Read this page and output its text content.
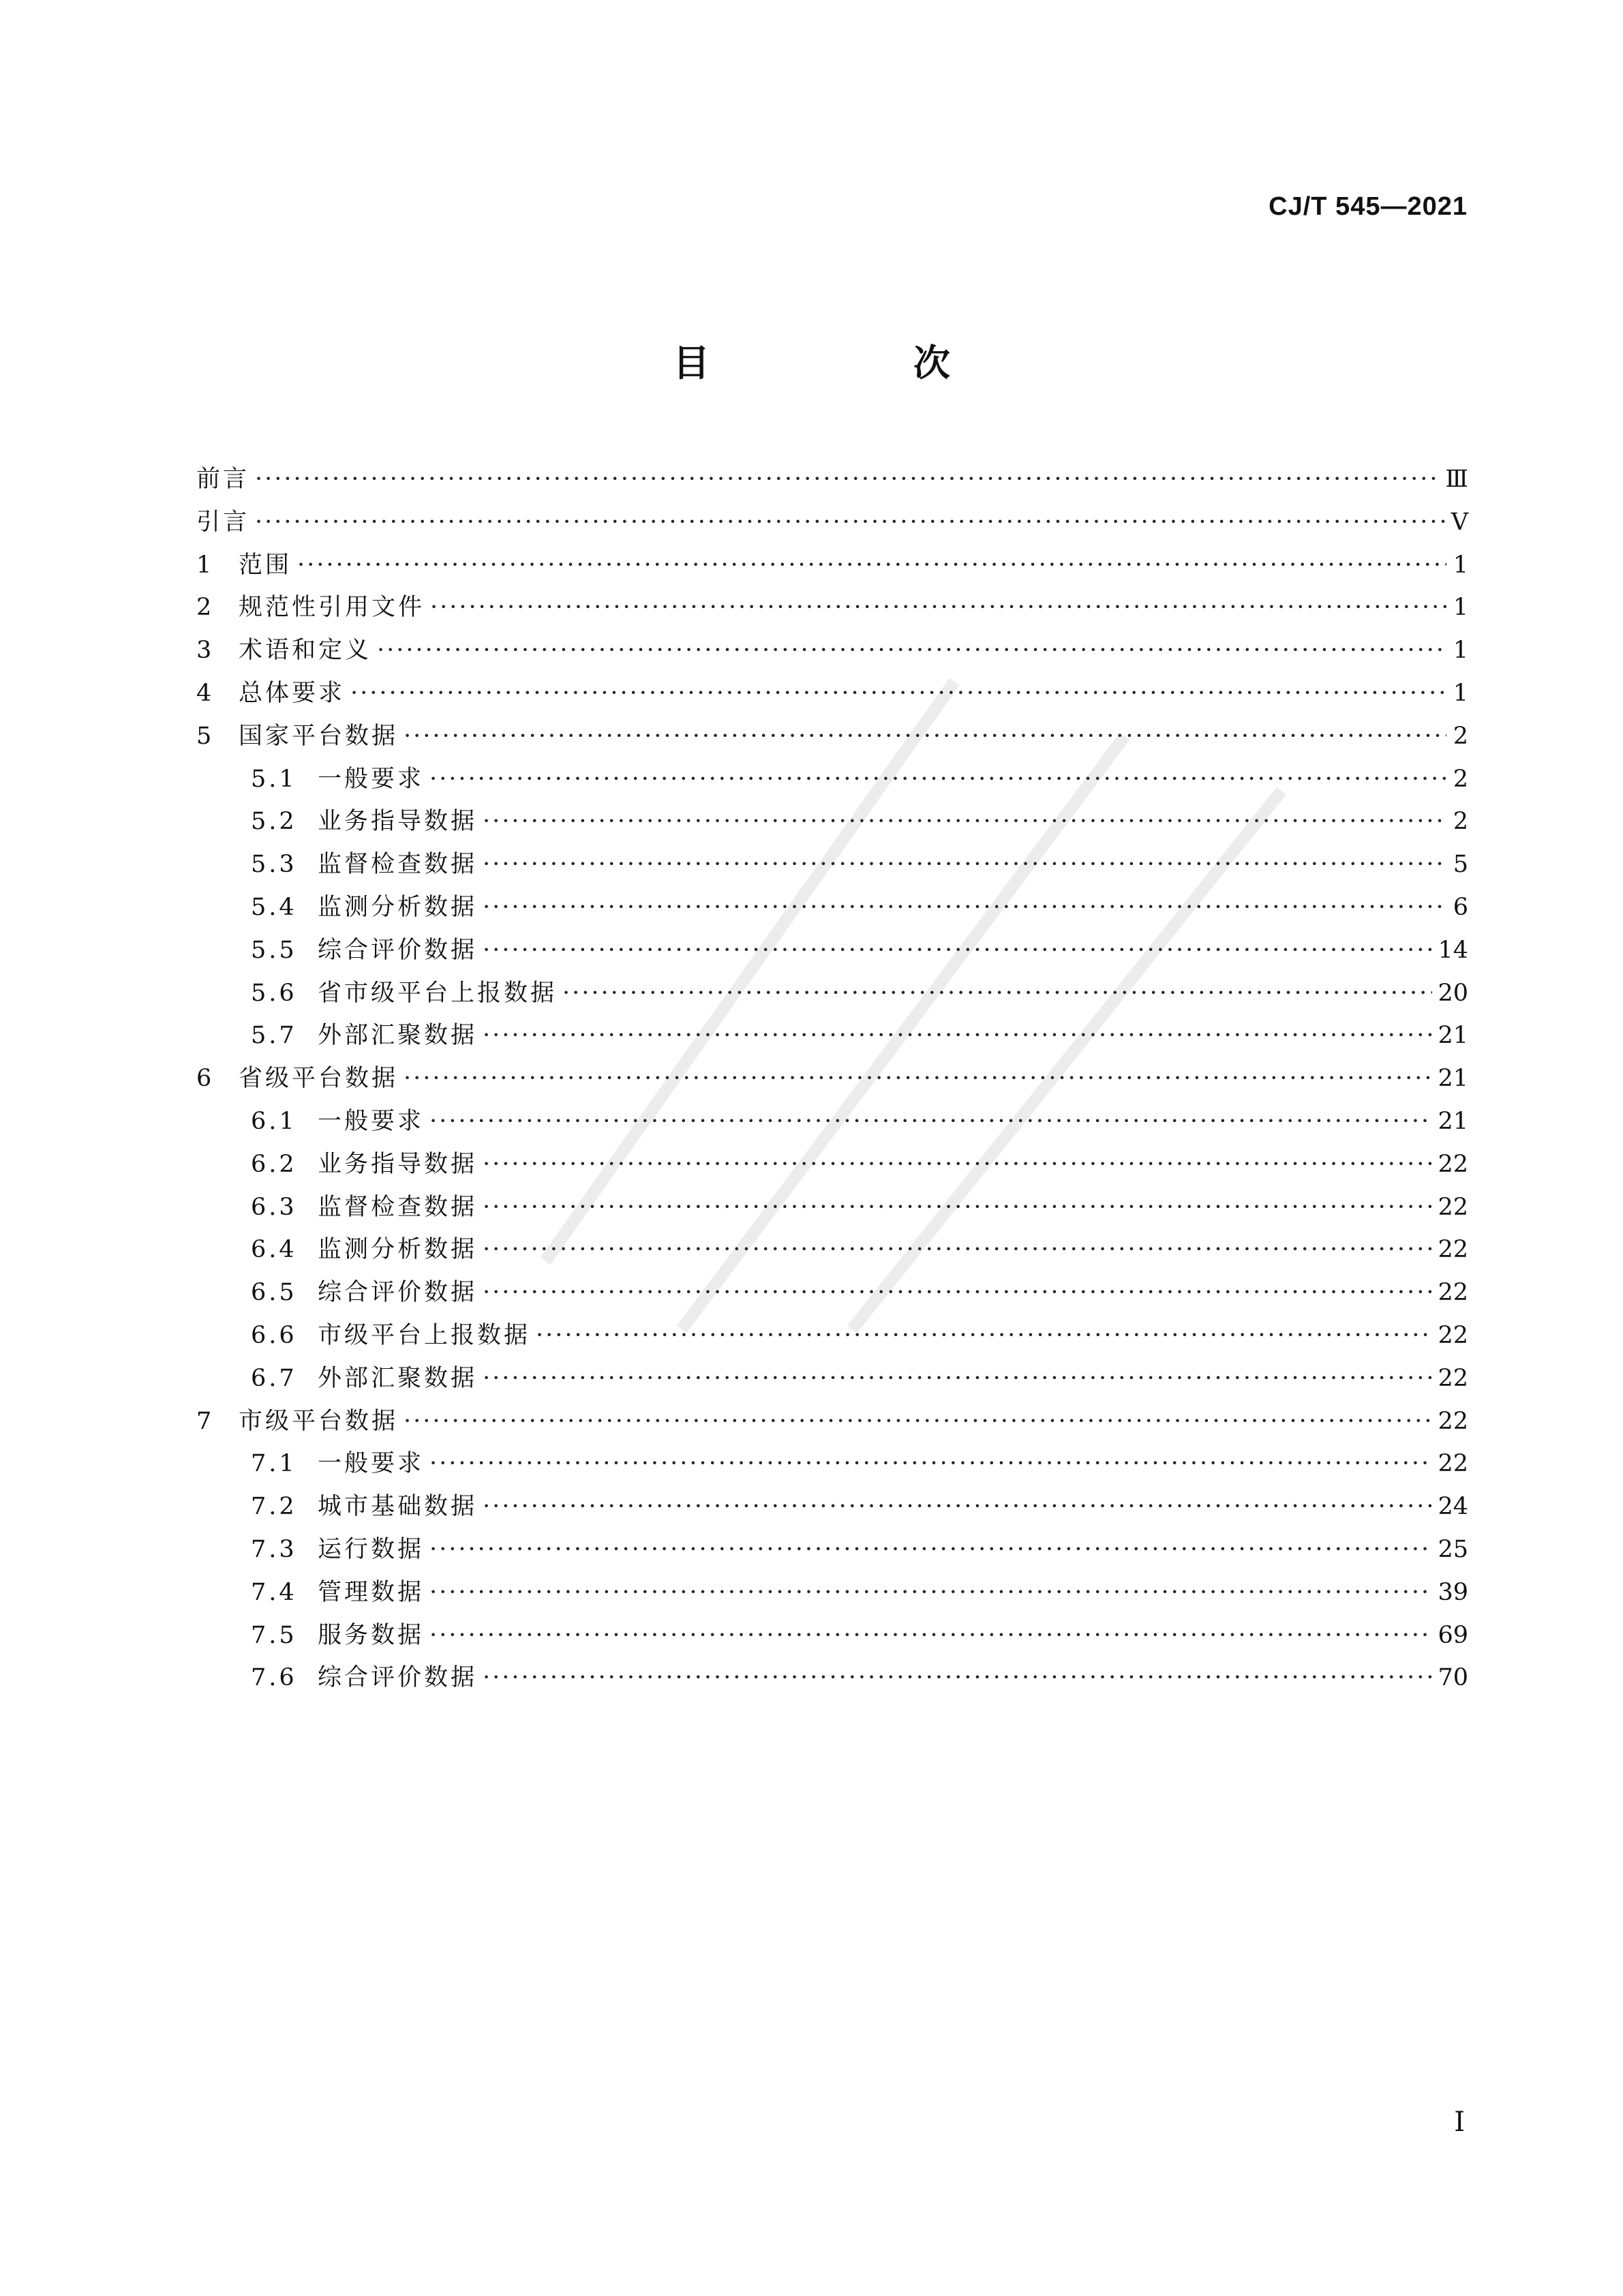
CJ/T 545—2021
目 次
前言 ·····	Ⅲ
引言 ·····	Ⅴ
1	范围 ·····	1
2	规范性引用文件 ·····	1
3	术语和定义 ·····	1
4	总体要求 ·····	1
5	国家平台数据 ·····	2
5.1 一般要求 ·····	2
5.2 业务指导数据 ·····	2
5.3 监督检查数据 ·····	5
5.4 监测分析数据 ·····	6
5.5 综合评价数据 ·····	14
5.6 省市级平台上报数据 ·····	20
5.7 外部汇聚数据 ·····	21
6	省级平台数据 ·····	21
6.1 一般要求 ·····	21
6.2 业务指导数据 ·····	22
6.3 监督检查数据 ·····	22
6.4 监测分析数据 ·····	22
6.5 综合评价数据 ·····	22
6.6 市级平台上报数据 ·····	22
6.7 外部汇聚数据 ·····	22
7	市级平台数据 ·····	22
7.1 一般要求 ·····	22
7.2 城市基础数据 ·····	24
7.3 运行数据 ·····	25
7.4 管理数据 ·····	39
7.5 服务数据 ·····	69
7.6 综合评价数据 ·····	70
Ⅰ
